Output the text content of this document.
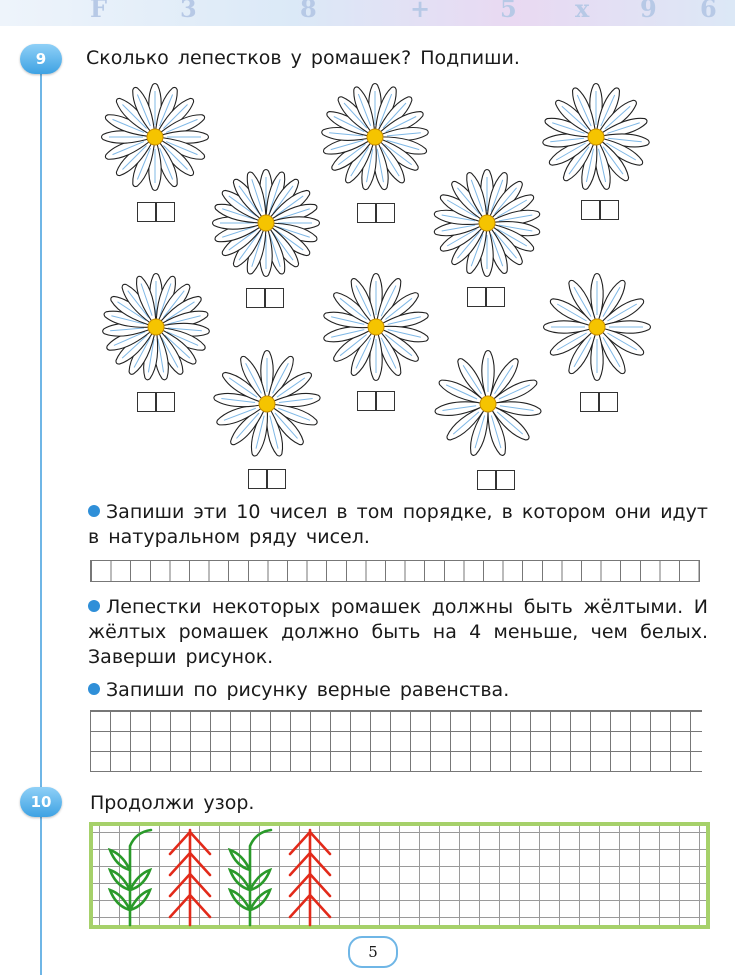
F	3	8	+	5 x 9 6
9	Сколько лепестков у ромашек? Подпиши.
Запиши эти 10 чисел в том порядке, в котором они идут в натуральном ряду чисел.
Лепестки некоторых ромашек должны быть жёлтыми. И жёлтых ромашек должно быть на 4 меньше, чем белых. Заверши рисунок.
Запиши по рисунку верные равенства.
10	Продолжи узор.
5
